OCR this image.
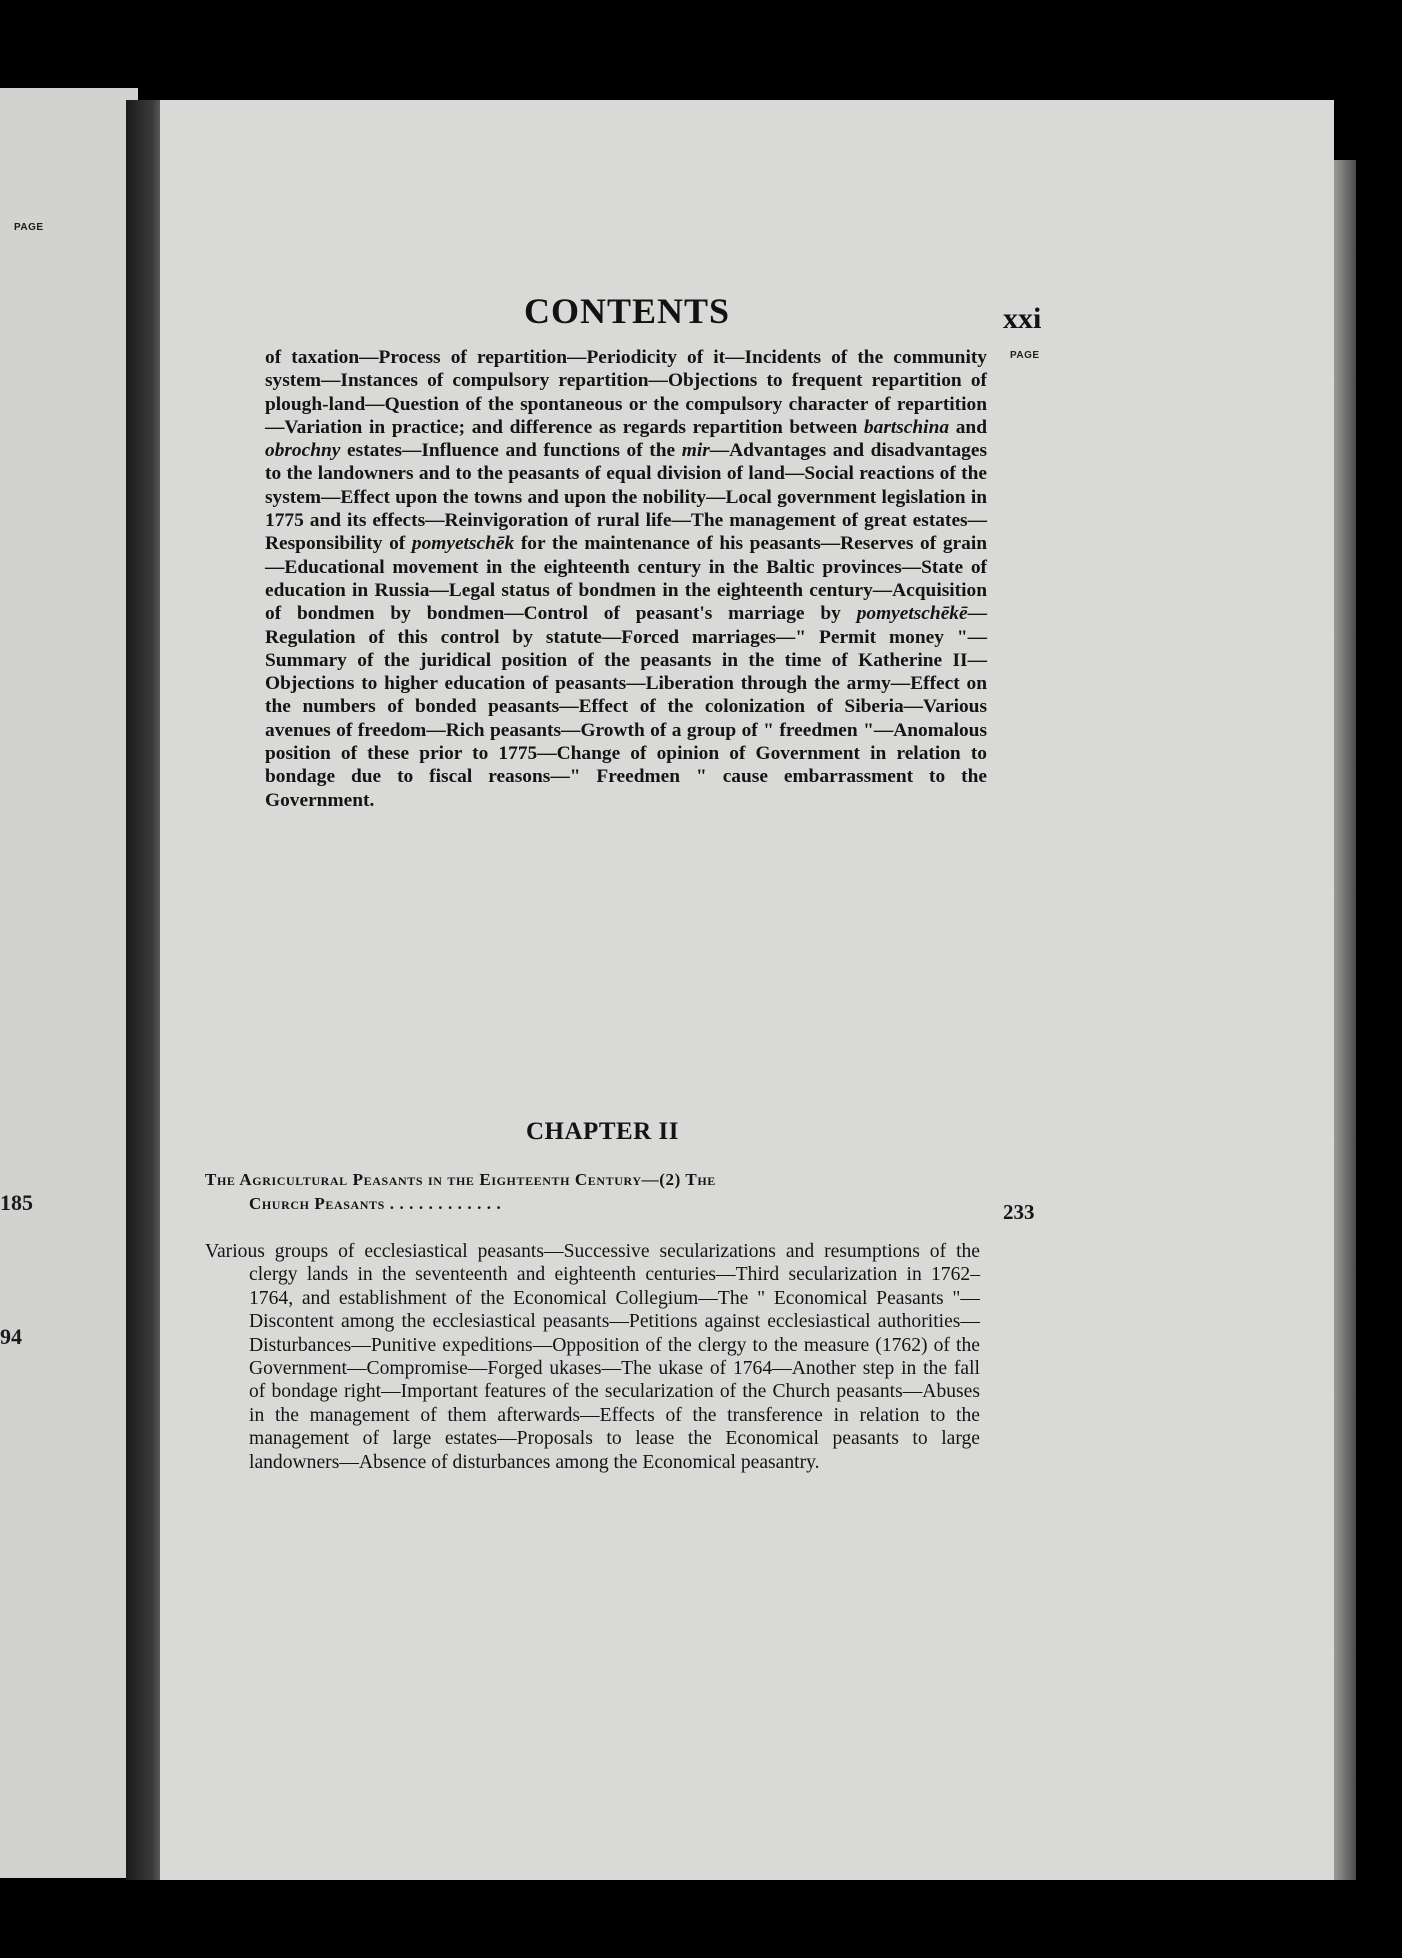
PAGE
185
94
CONTENTS	xxi
PAGE
of taxation—Process of repartition—Periodicity of it—Incidents of the community system—Instances of compulsory repartition—Objections to frequent repartition of plough-land—Question of the spontaneous or the compulsory character of repartition—Variation in practice; and difference as regards repartition between bartschina and obrochny estates—Influence and functions of the mir—Advantages and disadvantages to the landowners and to the peasants of equal division of land—Social reactions of the system—Effect upon the towns and upon the nobility—Local government legislation in 1775 and its effects—Reinvigoration of rural life—The management of great estates—Responsibility of pomyetschēk for the maintenance of his peasants—Reserves of grain—Educational movement in the eighteenth century in the Baltic provinces—State of education in Russia—Legal status of bondmen in the eighteenth century—Acquisition of bondmen by bondmen—Control of peasant's marriage by pomyetschēkē—Regulation of this control by statute—Forced marriages—" Permit money "—Summary of the juridical position of the peasants in the time of Katherine II—Objections to higher education of peasants—Liberation through the army—Effect on the numbers of bonded peasants—Effect of the colonization of Siberia—Various avenues of freedom—Rich peasants—Growth of a group of " freedmen "—Anomalous position of these prior to 1775—Change of opinion of Government in relation to bondage due to fiscal reasons—" Freedmen " cause embarrassment to the Government.
CHAPTER II
The Agricultural Peasants in the Eighteenth Century—(2) The
Church Peasants . . . . . . . . . . . .	233
Various groups of ecclesiastical peasants—Successive secularizations and resumptions of the clergy lands in the seventeenth and eighteenth centuries—Third secularization in 1762–1764, and establishment of the Economical Collegium—The " Economical Peasants "—Discontent among the ecclesiastical peasants—Petitions against ecclesiastical authorities—Disturbances—Punitive expeditions—Opposition of the clergy to the measure (1762) of the Government—Compromise—Forged ukases—The ukase of 1764—Another step in the fall of bondage right—Important features of the secularization of the Church peasants—Abuses in the management of them afterwards—Effects of the transference in relation to the management of large estates—Proposals to lease the Economical peasants to large landowners—Absence of disturbances among the Economical peasantry.
